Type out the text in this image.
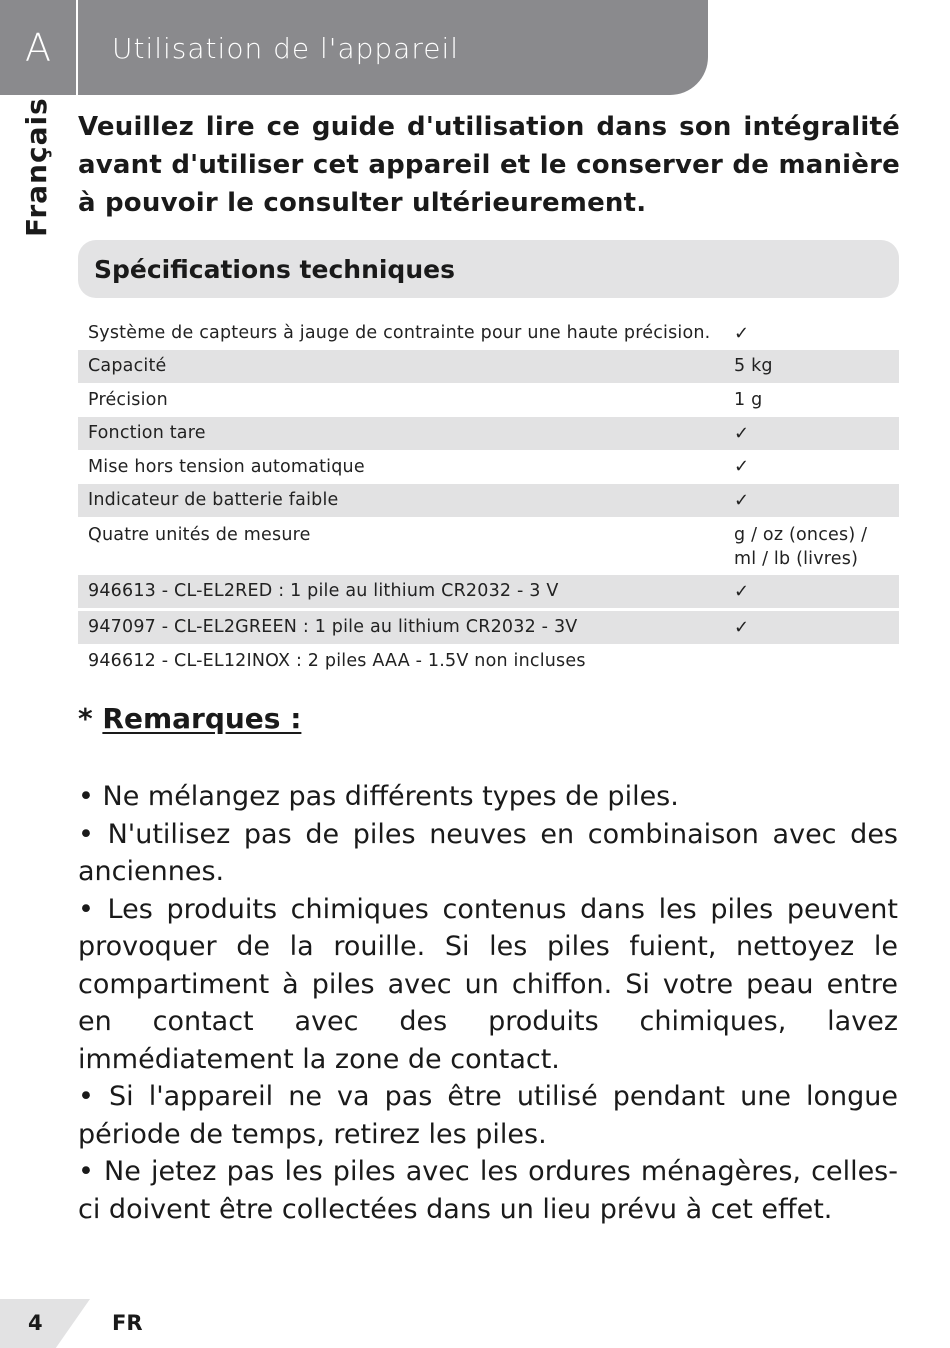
A	Utilisation de l'appareil
Français Veuillez lire ce guide d'utilisation dans son intégralité avant d'utiliser cet appareil et le conserver de manière à pouvoir le consulter ultérieurement.
Spécifications techniques
Système de capteurs à jauge de contrainte pour une haute précision.	✓
Capacité	5 kg
Précision	1 g
Fonction tare	✓
Mise hors tension automatique	✓
Indicateur de batterie faible	✓
Quatre unités de mesure	g / oz (onces) / ml / lb (livres)
946613 - CL-EL2RED : 1 pile au lithium CR2032 - 3 V	✓
947097 - CL-EL2GREEN : 1 pile au lithium CR2032 - 3V	✓
946612 - CL-EL12INOX : 2 piles AAA - 1.5V non incluses
* Remarques :

• Ne mélangez pas différents types de piles.

• N'utilisez pas de piles neuves en combinaison avec des anciennes.

• Les produits chimiques contenus dans les piles peuvent provoquer de la rouille. Si les piles fuient, nettoyez le compartiment à piles avec un chiffon. Si votre peau entre en contact avec des produits chimiques, lavez immédiatement la zone de contact.

• Si l'appareil ne va pas être utilisé pendant une longue période de temps, retirez les piles.

• Ne jetez pas les piles avec les ordures ménagères, celles-ci doivent être collectées dans un lieu prévu à cet effet.

4	FR
